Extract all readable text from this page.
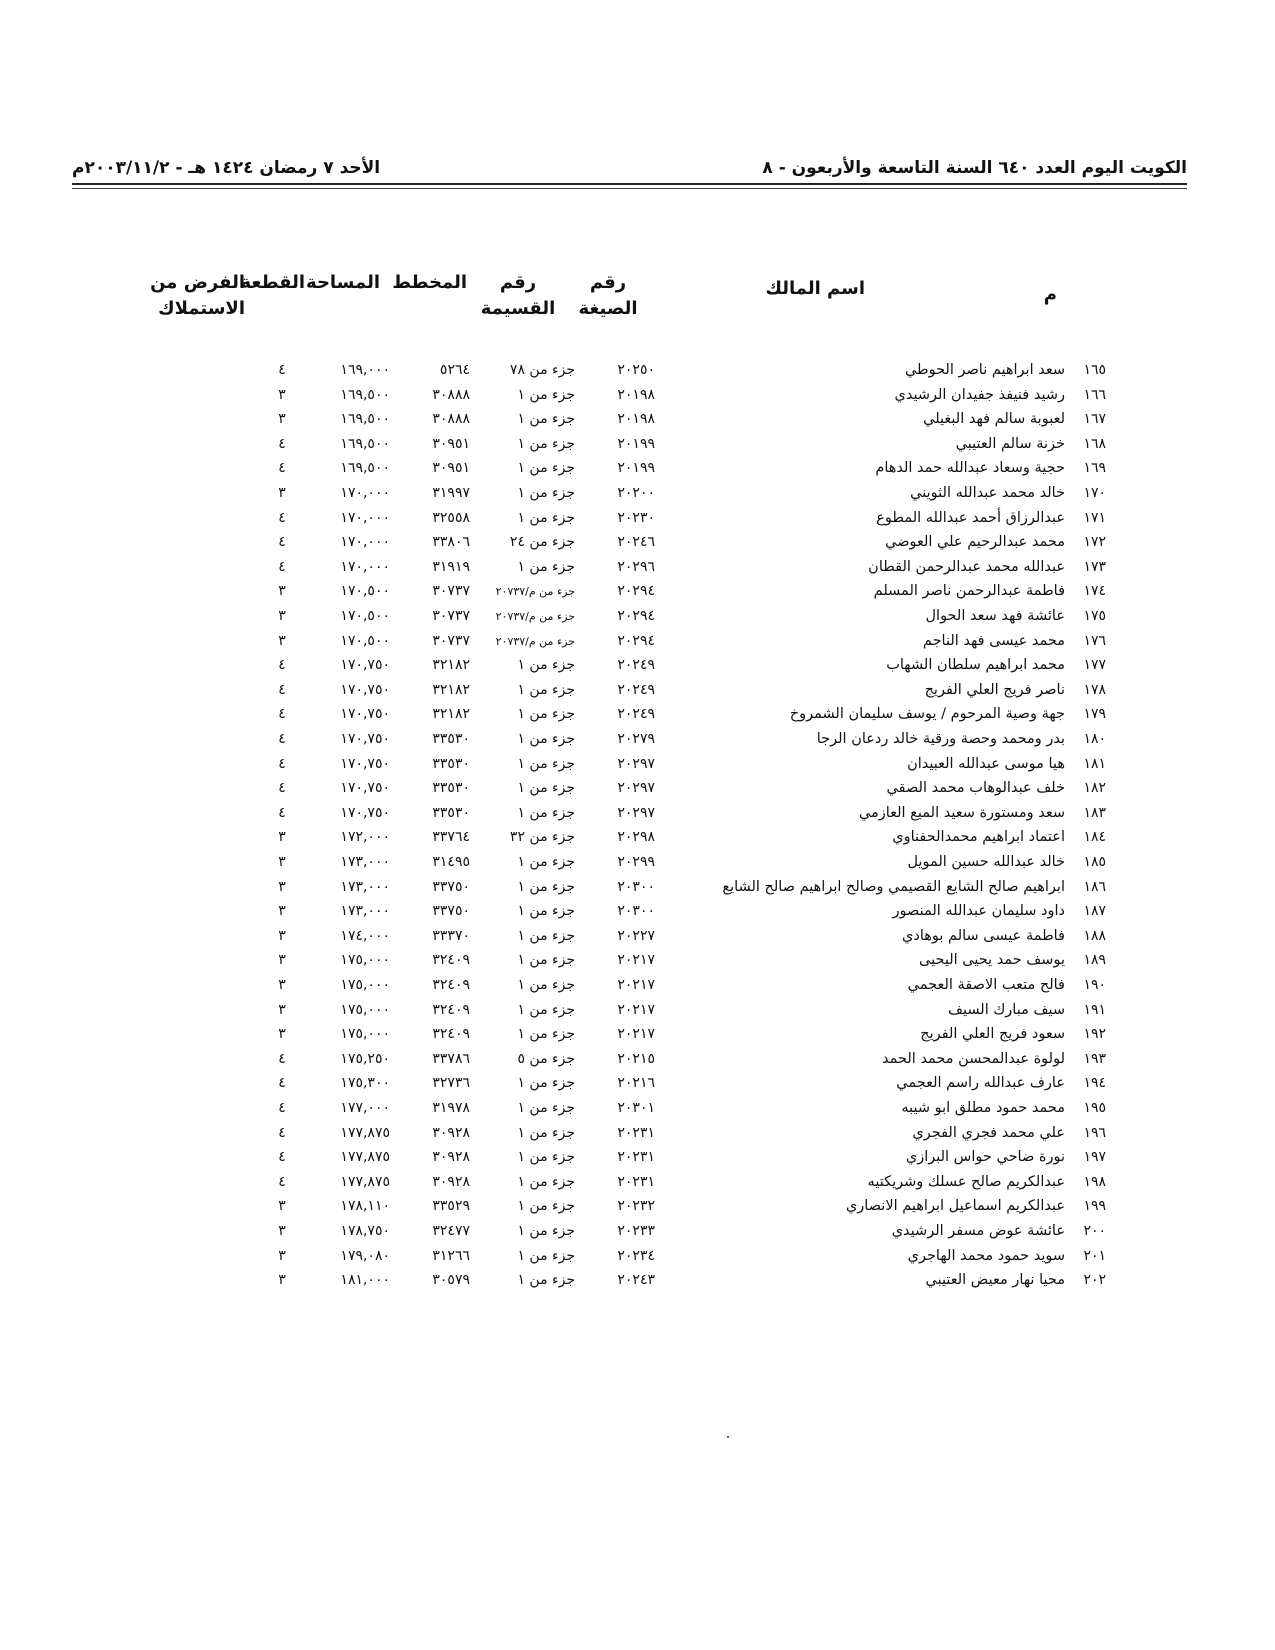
الكويت اليوم العدد ٦٤٠ السنة التاسعة والأربعون - ٨
الأحد ٧ رمضان ١٤٢٤ هـ - ٢٠٠٣/١١/٢م
م
اسم المالك
رقم
الصيغة
رقم
القسيمة
المخطط
المساحة
القطعة
الفرض من
الاستملاك
١٦٥
سعد ابراهيم ناصر الحوطي
٢٠٢٥٠
جزء من ٧٨
٥٢٦٤
١٦٩,٠٠٠
٤
١٦٦
رشيد فنيفذ جفيدان الرشيدي
٢٠١٩٨
جزء من ١
٣٠٨٨٨
١٦٩,٥٠٠
٣
١٦٧
لعبوبة سالم فهد البغيلي
٢٠١٩٨
جزء من ١
٣٠٨٨٨
١٦٩,٥٠٠
٣
١٦٨
خزنة سالم العتيبي
٢٠١٩٩
جزء من ١
٣٠٩٥١
١٦٩,٥٠٠
٤
١٦٩
حجية وسعاد عبدالله حمد الدهام
٢٠١٩٩
جزء من ١
٣٠٩٥١
١٦٩,٥٠٠
٤
١٧٠
خالد محمد عبدالله الثويني
٢٠٢٠٠
جزء من ١
٣١٩٩٧
١٧٠,٠٠٠
٣
١٧١
عبدالرزاق أحمد عبدالله المطوع
٢٠٢٣٠
جزء من ١
٣٢٥٥٨
١٧٠,٠٠٠
٤
١٧٢
محمد عبدالرحيم علي العوضي
٢٠٢٤٦
جزء من ٢٤
٣٣٨٠٦
١٧٠,٠٠٠
٤
١٧٣
عبدالله محمد عبدالرحمن القطان
٢٠٢٩٦
جزء من ١
٣١٩١٩
١٧٠,٠٠٠
٤
١٧٤
فاطمة عبدالرحمن ناصر المسلم
٢٠٢٩٤
جزء من م/٢٠٧٣٧
٣٠٧٣٧
١٧٠,٥٠٠
٣
١٧٥
عائشة فهد سعد الحوال
٢٠٢٩٤
جزء من م/٢٠٧٣٧
٣٠٧٣٧
١٧٠,٥٠٠
٣
١٧٦
محمد عيسى فهد الناجم
٢٠٢٩٤
جزء من م/٢٠٧٣٧
٣٠٧٣٧
١٧٠,٥٠٠
٣
١٧٧
محمد ابراهيم سلطان الشهاب
٢٠٢٤٩
جزء من ١
٣٢١٨٢
١٧٠,٧٥٠
٤
١٧٨
ناصر فريج العلي الفريج
٢٠٢٤٩
جزء من ١
٣٢١٨٢
١٧٠,٧٥٠
٤
١٧٩
جهة وصية المرحوم / يوسف سليمان الشمروخ
٢٠٢٤٩
جزء من ١
٣٢١٨٢
١٧٠,٧٥٠
٤
١٨٠
بدر ومحمد وحصة ورقية خالد ردعان الرجا
٢٠٢٧٩
جزء من ١
٣٣٥٣٠
١٧٠,٧٥٠
٤
١٨١
هيا موسى عبدالله العبيدان
٢٠٢٩٧
جزء من ١
٣٣٥٣٠
١٧٠,٧٥٠
٤
١٨٢
خلف عبدالوهاب محمد الصقي
٢٠٢٩٧
جزء من ١
٣٣٥٣٠
١٧٠,٧٥٠
٤
١٨٣
سعد ومستورة سعيد الميع العازمي
٢٠٢٩٧
جزء من ١
٣٣٥٣٠
١٧٠,٧٥٠
٤
١٨٤
اعتماد ابراهيم محمدالحفناوي
٢٠٢٩٨
جزء من ٣٢
٣٣٧٦٤
١٧٢,٠٠٠
٣
١٨٥
خالد عبدالله حسين المويل
٢٠٢٩٩
جزء من ١
٣١٤٩٥
١٧٣,٠٠٠
٣
١٨٦
ابراهيم صالح الشايع القصيمي وصالح ابراهيم صالح الشايع
٢٠٣٠٠
جزء من ١
٣٣٧٥٠
١٧٣,٠٠٠
٣
١٨٧
داود سليمان عبدالله المنصور
٢٠٣٠٠
جزء من ١
٣٣٧٥٠
١٧٣,٠٠٠
٣
١٨٨
فاطمة عيسى سالم بوهادي
٢٠٢٢٧
جزء من ١
٣٣٣٧٠
١٧٤,٠٠٠
٣
١٨٩
يوسف حمد يحيى اليحيى
٢٠٢١٧
جزء من ١
٣٢٤٠٩
١٧٥,٠٠٠
٣
١٩٠
فالح متعب الاصقة العجمي
٢٠٢١٧
جزء من ١
٣٢٤٠٩
١٧٥,٠٠٠
٣
١٩١
سيف مبارك السيف
٢٠٢١٧
جزء من ١
٣٢٤٠٩
١٧٥,٠٠٠
٣
١٩٢
سعود فريج العلي الفريج
٢٠٢١٧
جزء من ١
٣٢٤٠٩
١٧٥,٠٠٠
٣
١٩٣
لولوة عبدالمحسن محمد الحمد
٢٠٢١٥
جزء من ٥
٣٣٧٨٦
١٧٥,٢٥٠
٤
١٩٤
عارف عبدالله راسم العجمي
٢٠٢١٦
جزء من ١
٣٢٧٣٦
١٧٥,٣٠٠
٤
١٩٥
محمد حمود مطلق ابو شيبه
٢٠٣٠١
جزء من ١
٣١٩٧٨
١٧٧,٠٠٠
٤
١٩٦
علي محمد فجري الفجري
٢٠٢٣١
جزء من ١
٣٠٩٢٨
١٧٧,٨٧٥
٤
١٩٧
نورة ضاحي حواس البرازي
٢٠٢٣١
جزء من ١
٣٠٩٢٨
١٧٧,٨٧٥
٤
١٩٨
عبدالكريم صالح عسلك وشريكتيه
٢٠٢٣١
جزء من ١
٣٠٩٢٨
١٧٧,٨٧٥
٤
١٩٩
عبدالكريم اسماعيل ابراهيم الانصاري
٢٠٢٣٢
جزء من ١
٣٣٥٢٩
١٧٨,١١٠
٣
٢٠٠
عائشة عوض مسفر الرشيدي
٢٠٢٣٣
جزء من ١
٣٢٤٧٧
١٧٨,٧٥٠
٣
٢٠١
سويد حمود محمد الهاجري
٢٠٢٣٤
جزء من ١
٣١٢٦٦
١٧٩,٠٨٠
٣
٢٠٢
محيا نهار معيض العتيبي
٢٠٢٤٣
جزء من ١
٣٠٥٧٩
١٨١,٠٠٠
٣
